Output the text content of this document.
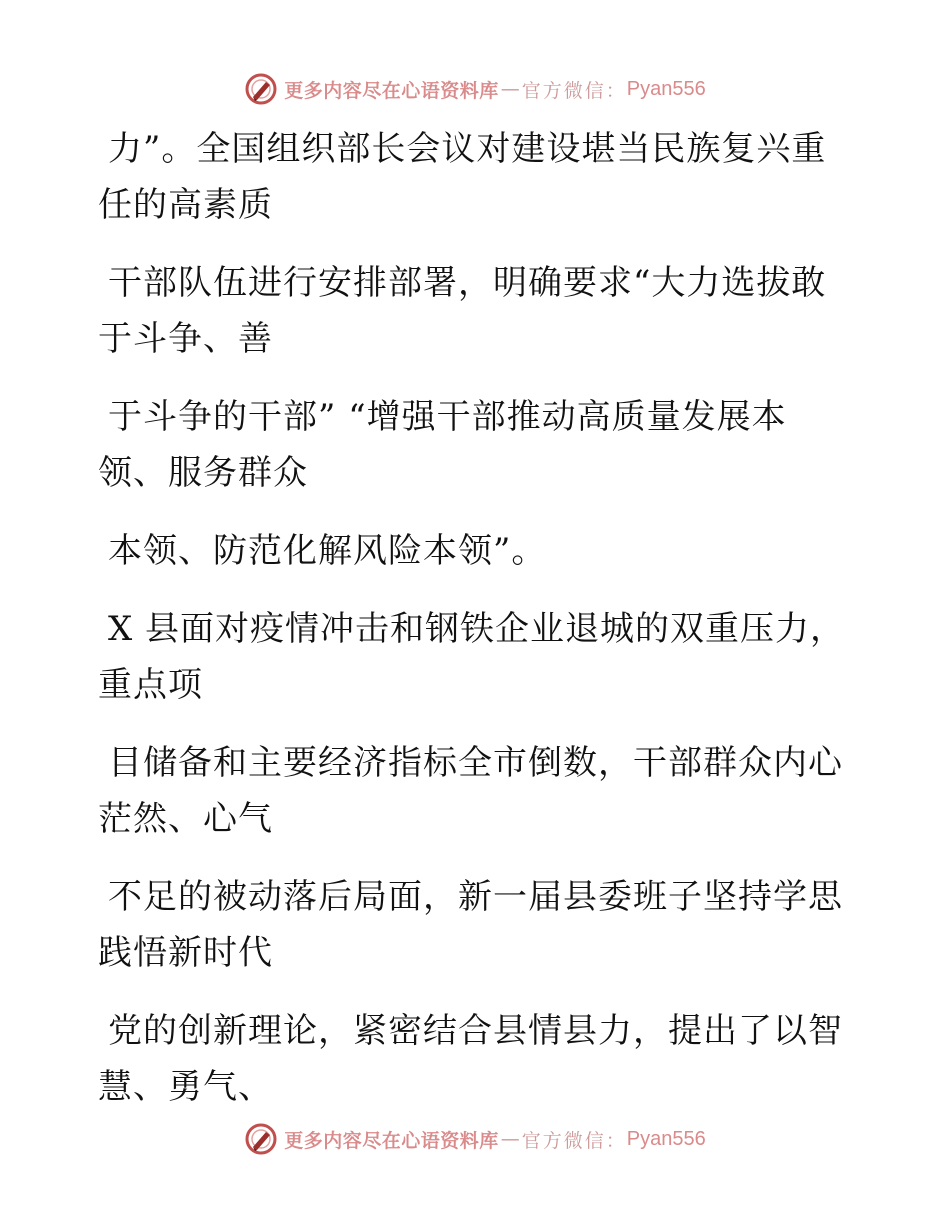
更多内容尽在心语资料库 — 官方微信： Pyan556
力”。全国组织部长会议对建设堪当民族复兴重
任的高素质
干部队伍进行安排部署，明确要求“大力选拔敢
于斗争、善
于斗争的干部” “增强干部推动高质量发展本
领、服务群众
本领、防范化解风险本领”。
X 县面对疫情冲击和钢铁企业退城的双重压力，
重点项
目储备和主要经济指标全市倒数，干部群众内心
茫然、心气
不足的被动落后局面，新一届县委班子坚持学思
践悟新时代
党的创新理论，紧密结合县情县力，提出了以智
慧、勇气、
更多内容尽在心语资料库 — 官方微信： Pyan556
